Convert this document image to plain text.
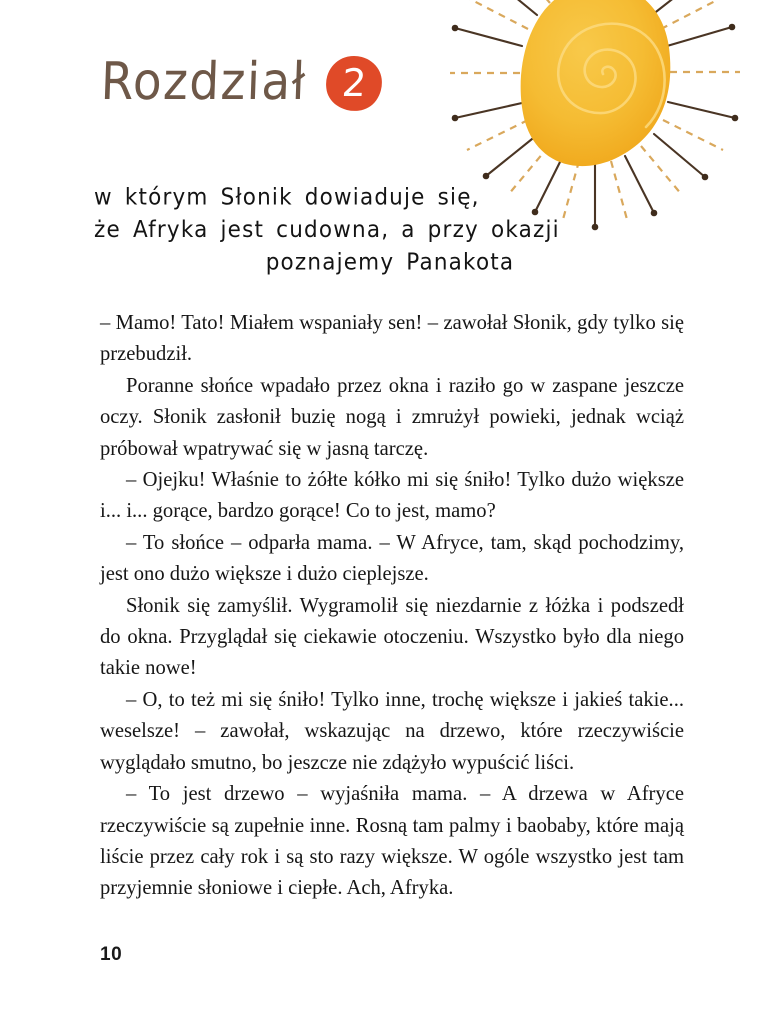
Rozdział 2
w którym Słonik dowiaduje się,
że Afryka jest cudowna, a przy okazji
poznajemy Panakota

– Mamo! Tato! Miałem wspaniały sen! – zawołał Słonik, gdy tylko się przebudził.

Poranne słońce wpadało przez okna i raziło go w zaspane jeszcze oczy. Słonik zasłonił buzię nogą i zmrużył powieki, jednak wciąż próbował wpatrywać się w jasną tarczę.

– Ojejku! Właśnie to żółte kółko mi się śniło! Tylko dużo większe i... i... gorące, bardzo gorące! Co to jest, mamo?

– To słońce – odparła mama. – W Afryce, tam, skąd pochodzimy, jest ono dużo większe i dużo cieplejsze.

Słonik się zamyślił. Wygramolił się niezdarnie z łóżka i podszedł do okna. Przyglądał się ciekawie otoczeniu. Wszystko było dla niego takie nowe!

– O, to też mi się śniło! Tylko inne, trochę większe i jakieś takie... weselsze! – zawołał, wskazując na drzewo, które rzeczywiście wyglądało smutno, bo jeszcze nie zdążyło wypuścić liści.

– To jest drzewo – wyjaśniła mama. – A drzewa w Afryce rzeczywiście są zupełnie inne. Rosną tam palmy i baobaby, które mają liście przez cały rok i są sto razy większe. W ogóle wszystko jest tam przyjemnie słoniowe i ciepłe. Ach, Afryka.

10
